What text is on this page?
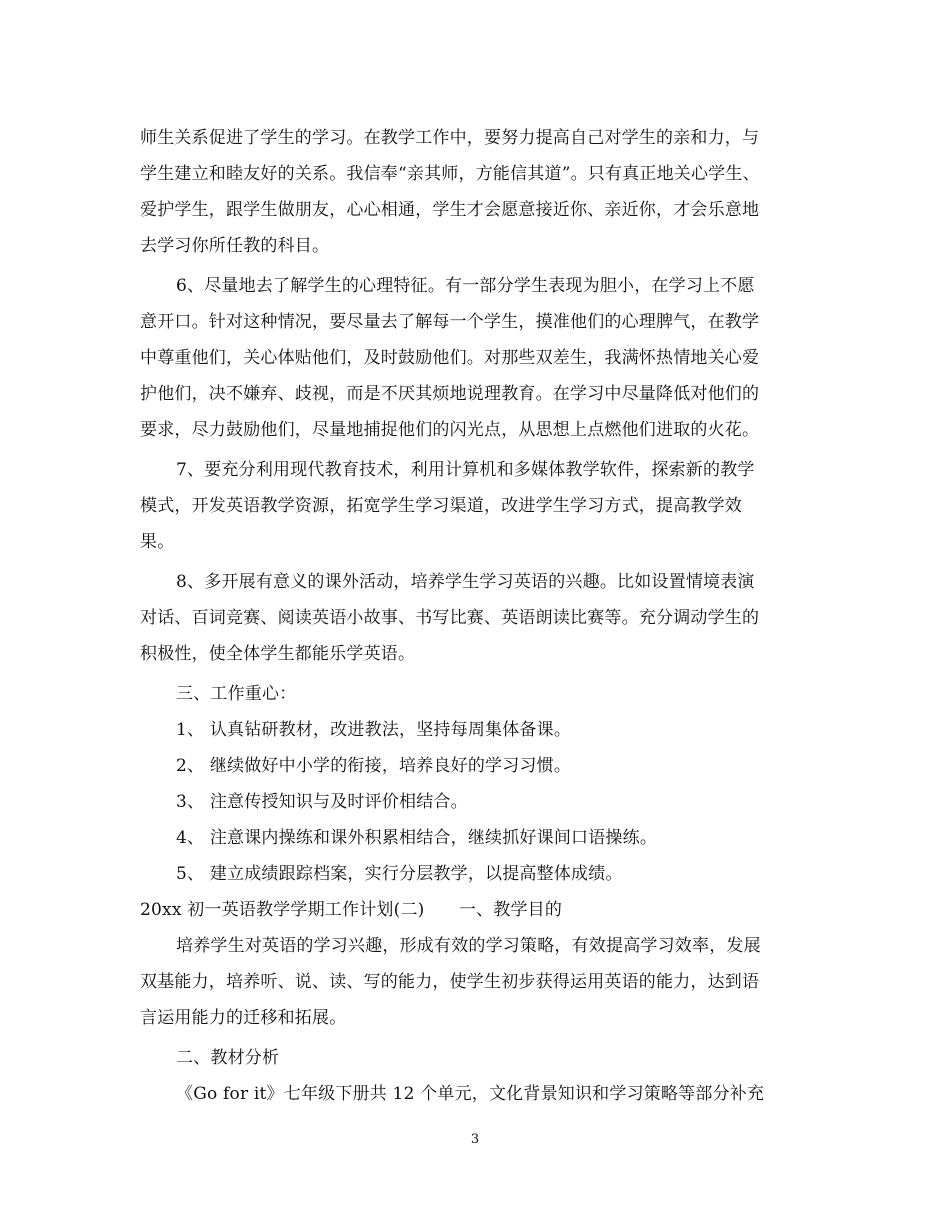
师生关系促进了学生的学习。在教学工作中，要努力提高自己对学生的亲和力，与
学生建立和睦友好的关系。我信奉“亲其师，方能信其道”。只有真正地关心学生、
爱护学生，跟学生做朋友，心心相通，学生才会愿意接近你、亲近你，才会乐意地
去学习你所任教的科目。
6、尽量地去了解学生的心理特征。有一部分学生表现为胆小，在学习上不愿
意开口。针对这种情况，要尽量去了解每一个学生，摸准他们的心理脾气，在教学
中尊重他们，关心体贴他们，及时鼓励他们。对那些双差生，我满怀热情地关心爱
护他们，决不嫌弃、歧视，而是不厌其烦地说理教育。在学习中尽量降低对他们的
要求，尽力鼓励他们，尽量地捕捉他们的闪光点，从思想上点燃他们进取的火花。
7、要充分利用现代教育技术，利用计算机和多媒体教学软件，探索新的教学
模式，开发英语教学资源，拓宽学生学习渠道，改进学生学习方式，提高教学效
果。
8、多开展有意义的课外活动，培养学生学习英语的兴趣。比如设置情境表演
对话、百词竞赛、阅读英语小故事、书写比赛、英语朗读比赛等。充分调动学生的
积极性，使全体学生都能乐学英语。
三、工作重心：
1、 认真钻研教材，改进教法，坚持每周集体备课。
2、 继续做好中小学的衔接，培养良好的学习习惯。
3、 注意传授知识与及时评价相结合。
4、 注意课内操练和课外积累相结合，继续抓好课间口语操练。
5、 建立成绩跟踪档案，实行分层教学，以提高整体成绩。
20xx 初一英语教学学期工作计划(二)　　一、教学目的
培养学生对英语的学习兴趣，形成有效的学习策略，有效提高学习效率，发展
双基能力，培养听、说、读、写的能力，使学生初步获得运用英语的能力，达到语
言运用能力的迁移和拓展。
二、教材分析
《Go for it》七年级下册共 12 个单元，文化背景知识和学习策略等部分补充
3
